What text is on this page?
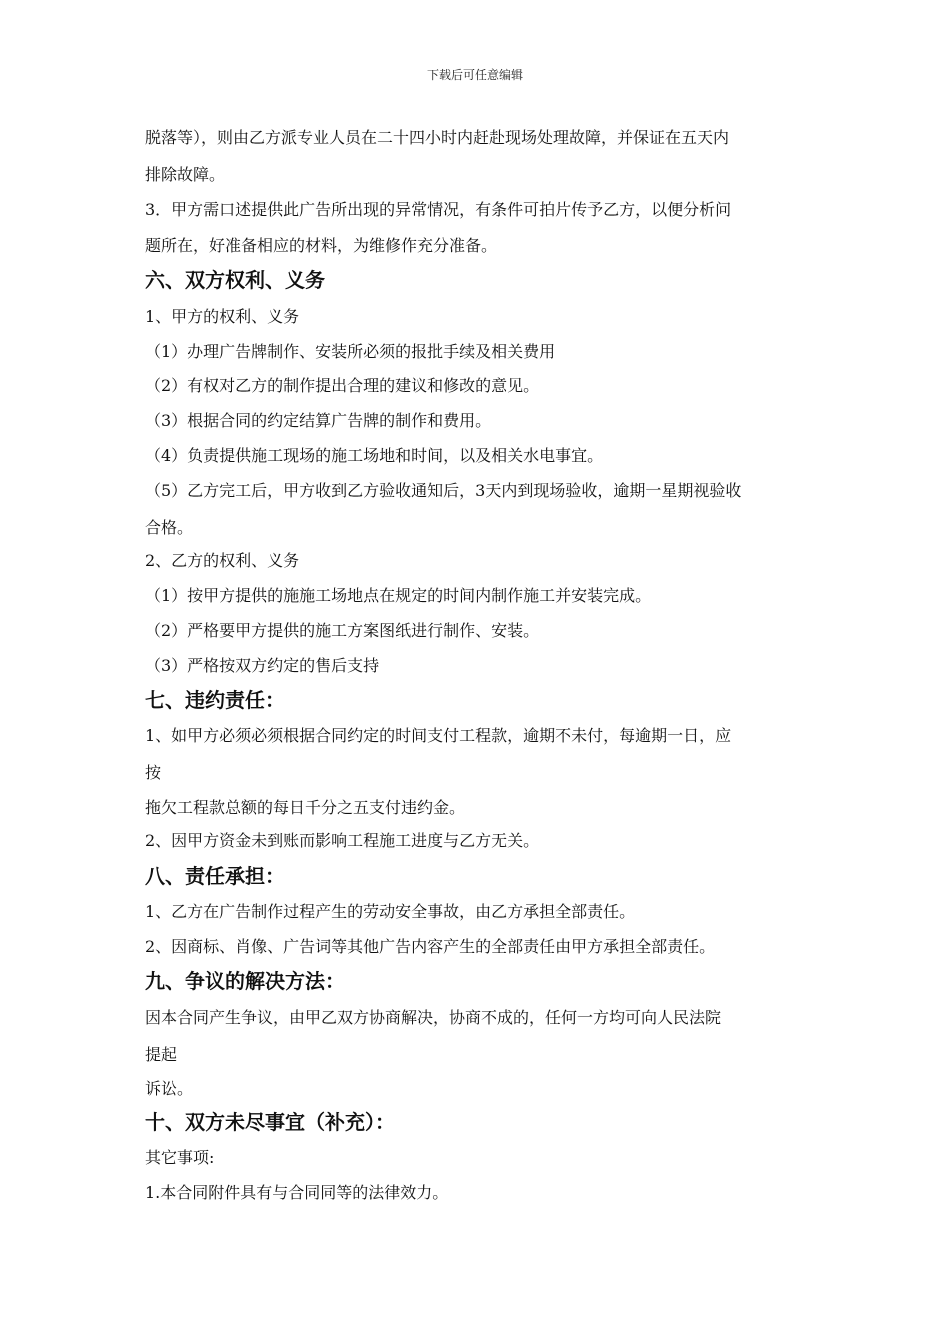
下载后可任意编辑
脱落等），则由乙方派专业人员在二十四小时内赶赴现场处理故障，并保证在五天内
排除故障。
3．甲方需口述提供此广告所出现的异常情况，有条件可拍片传予乙方，以便分析问
题所在，好准备相应的材料，为维修作充分准备。
六、双方权利、义务
1、甲方的权利、义务
（1）办理广告牌制作、安装所必须的报批手续及相关费用
（2）有权对乙方的制作提出合理的建议和修改的意见。
（3）根据合同的约定结算广告牌的制作和费用。
（4）负责提供施工现场的施工场地和时间，以及相关水电事宜。
（5）乙方完工后，甲方收到乙方验收通知后，3天内到现场验收，逾期一星期视验收
合格。
2、乙方的权利、义务
（1）按甲方提供的施施工场地点在规定的时间内制作施工并安装完成。
（2）严格要甲方提供的施工方案图纸进行制作、安装。
（3）严格按双方约定的售后支持
七、违约责任：
1、如甲方必须必须根据合同约定的时间支付工程款，逾期不未付，每逾期一日，应
按
拖欠工程款总额的每日千分之五支付违约金。
2、因甲方资金未到账而影响工程施工进度与乙方无关。
八、责任承担：
1、乙方在广告制作过程产生的劳动安全事故，由乙方承担全部责任。
2、因商标、肖像、广告词等其他广告内容产生的全部责任由甲方承担全部责任。
九、争议的解决方法：
因本合同产生争议，由甲乙双方协商解决，协商不成的，任何一方均可向人民法院
提起
诉讼。
十、双方未尽事宜（补充）：
其它事项:
1.本合同附件具有与合同同等的法律效力。
